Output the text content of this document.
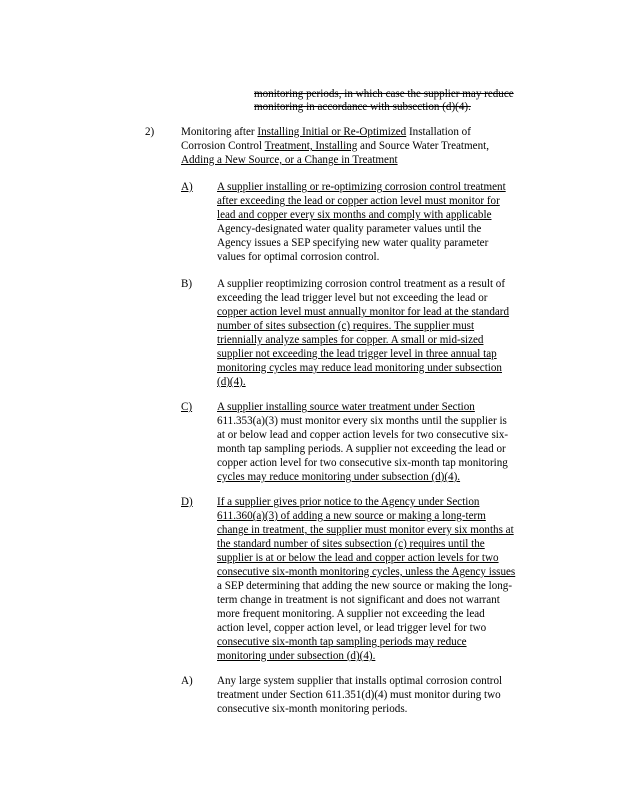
monitoring periods, in which case the supplier may reduce
monitoring in accordance with subsection (d)(4).
2) Monitoring after Installing Initial or Re-Optimized Installation of
Corrosion Control Treatment, Installing and Source Water Treatment,
Adding a New Source, or a Change in Treatment
A) A supplier installing or re-optimizing corrosion control treatment
after exceeding the lead or copper action level must monitor for
lead and copper every six months and comply with applicable
Agency-designated water quality parameter values until the
Agency issues a SEP specifying new water quality parameter
values for optimal corrosion control.
B) A supplier reoptimizing corrosion control treatment as a result of
exceeding the lead trigger level but not exceeding the lead or
copper action level must annually monitor for lead at the standard
number of sites subsection (c) requires. The supplier must
triennially analyze samples for copper. A small or mid-sized
supplier not exceeding the lead trigger level in three annual tap
monitoring cycles may reduce lead monitoring under subsection
(d)(4).
C) A supplier installing source water treatment under Section
611.353(a)(3) must monitor every six months until the supplier is
at or below lead and copper action levels for two consecutive six-
month tap sampling periods. A supplier not exceeding the lead or
copper action level for two consecutive six-month tap monitoring
cycles may reduce monitoring under subsection (d)(4).
D) If a supplier gives prior notice to the Agency under Section
611.360(a)(3) of adding a new source or making a long-term
change in treatment, the supplier must monitor every six months at
the standard number of sites subsection (c) requires until the
supplier is at or below the lead and copper action levels for two
consecutive six-month monitoring cycles, unless the Agency issues
a SEP determining that adding the new source or making the long-
term change in treatment is not significant and does not warrant
more frequent monitoring. A supplier not exceeding the lead
action level, copper action level, or lead trigger level for two
consecutive six-month tap sampling periods may reduce
monitoring under subsection (d)(4).
A) Any large system supplier that installs optimal corrosion control
treatment under Section 611.351(d)(4) must monitor during two
consecutive six-month monitoring periods.
